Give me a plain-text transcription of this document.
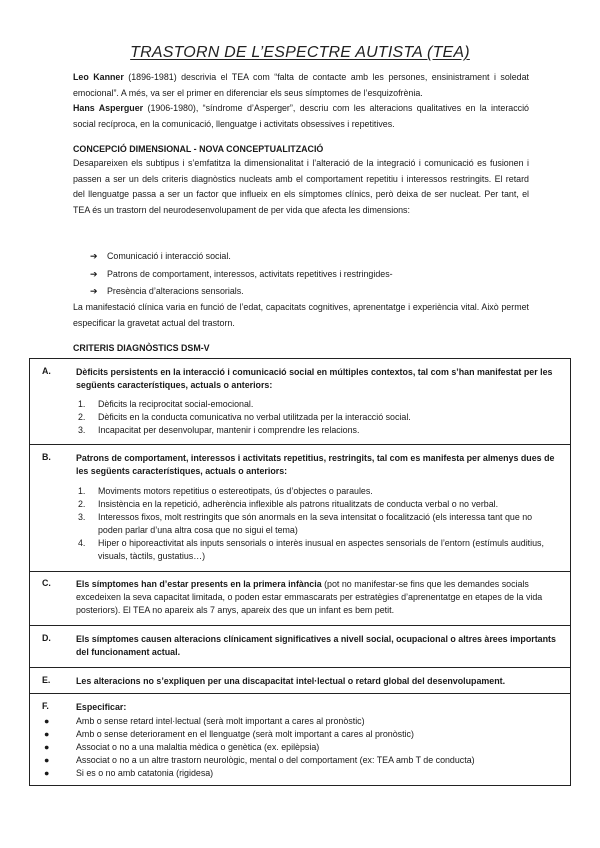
TRASTORN DE L’ESPECTRE AUTISTA (TEA)
Leo Kanner (1896-1981) descrivia el TEA com “falta de contacte amb les persones, ensinistrament i soledat emocional”. A més, va ser el primer en diferenciar els seus símptomes de l’esquizofrènia.
Hans Asperguer (1906-1980), “síndrome d’Asperger”, descriu com les alteracions qualitatives en la interacció social recíproca, en la comunicació, llenguatge i activitats obsessives i repetitives.
CONCEPCIÓ DIMENSIONAL - NOVA CONCEPTUALITZACIÓ
Desapareixen els subtipus i s’emfatitza la dimensionalitat i l’alteració de la integració i comunicació es fusionen i passen a ser un dels criteris diagnòstics nucleats amb el comportament repetitiu i interessos restringits. El retard del llenguatge passa a ser un factor que influeix en els símptomes clínics, però deixa de ser nucleat. Per tant, el TEA és un trastorn del neurodesenvolupament de per vida que afecta les dimensions:
➔ Comunicació i interacció social.
➔ Patrons de comportament, interessos, activitats repetitives i restringides-
➔ Presència d’alteracions sensorials.
La manifestació clínica varia en funció de l’edat, capacitats cognitives, aprenentatge i experiència vital. Això permet especificar la gravetat actual del trastorn.
CRITERIS DIAGNÒSTICS DSM-V
A.	Dèficits persistents en la interacció i comunicació social en múltiples contextos, tal com s’han manifestat per les següents característiques, actuals o anteriors:
1. Dèficits la reciprocitat social-emocional.
2. Dèficits en la conducta comunicativa no verbal utilitzada per la interacció social.
3. Incapacitat per desenvolupar, mantenir i comprendre les relacions.
B.	Patrons de comportament, interessos i activitats repetitius, restringits, tal com es manifesta per almenys dues de les següents característiques, actuals o anteriors:
1. Moviments motors repetitius o estereotipats, ús d’objectes o paraules.
2. Insistència en la repetició, adherència inflexible als patrons ritualitzats de conducta verbal o no verbal.
3. Interessos fixos, molt restringits que són anormals en la seva intensitat o focalització (els interessa tant que no poden parlar d’una altra cosa que no sigui el tema)
4. Hiper o hiporeactivitat als inputs sensorials o interès inusual en aspectes sensorials de l’entorn (estímuls auditius, visuals, tàctils, gustatius…)
C.	Els símptomes han d’estar presents en la primera infància (pot no manifestar-se fins que les demandes socials excedeixen la seva capacitat limitada, o poden estar emmascarats per estratègies d’aprenentatge en etapes de la vida posteriors). El TEA no apareix als 7 anys, apareix des que un infant es bem petit.
D.	Els símptomes causen alteracions clínicament significatives a nivell social, ocupacional o altres àrees importants del funcionament actual.
E.	Les alteracions no s’expliquen per una discapacitat intel·lectual o retard global del desenvolupament.
F.	Especificar:
●	Amb o sense retard intel·lectual (serà molt important a cares al pronòstic)
●	Amb o sense deteriorament en el llenguatge (serà molt important a cares al pronòstic)
●	Associat o no a una malaltia mèdica o genètica (ex. epilèpsia)
●	Associat o no a un altre trastorn neurològic, mental o del comportament (ex: TEA amb T de conducta)
●	Si es o no amb catatonia (rigidesa)
